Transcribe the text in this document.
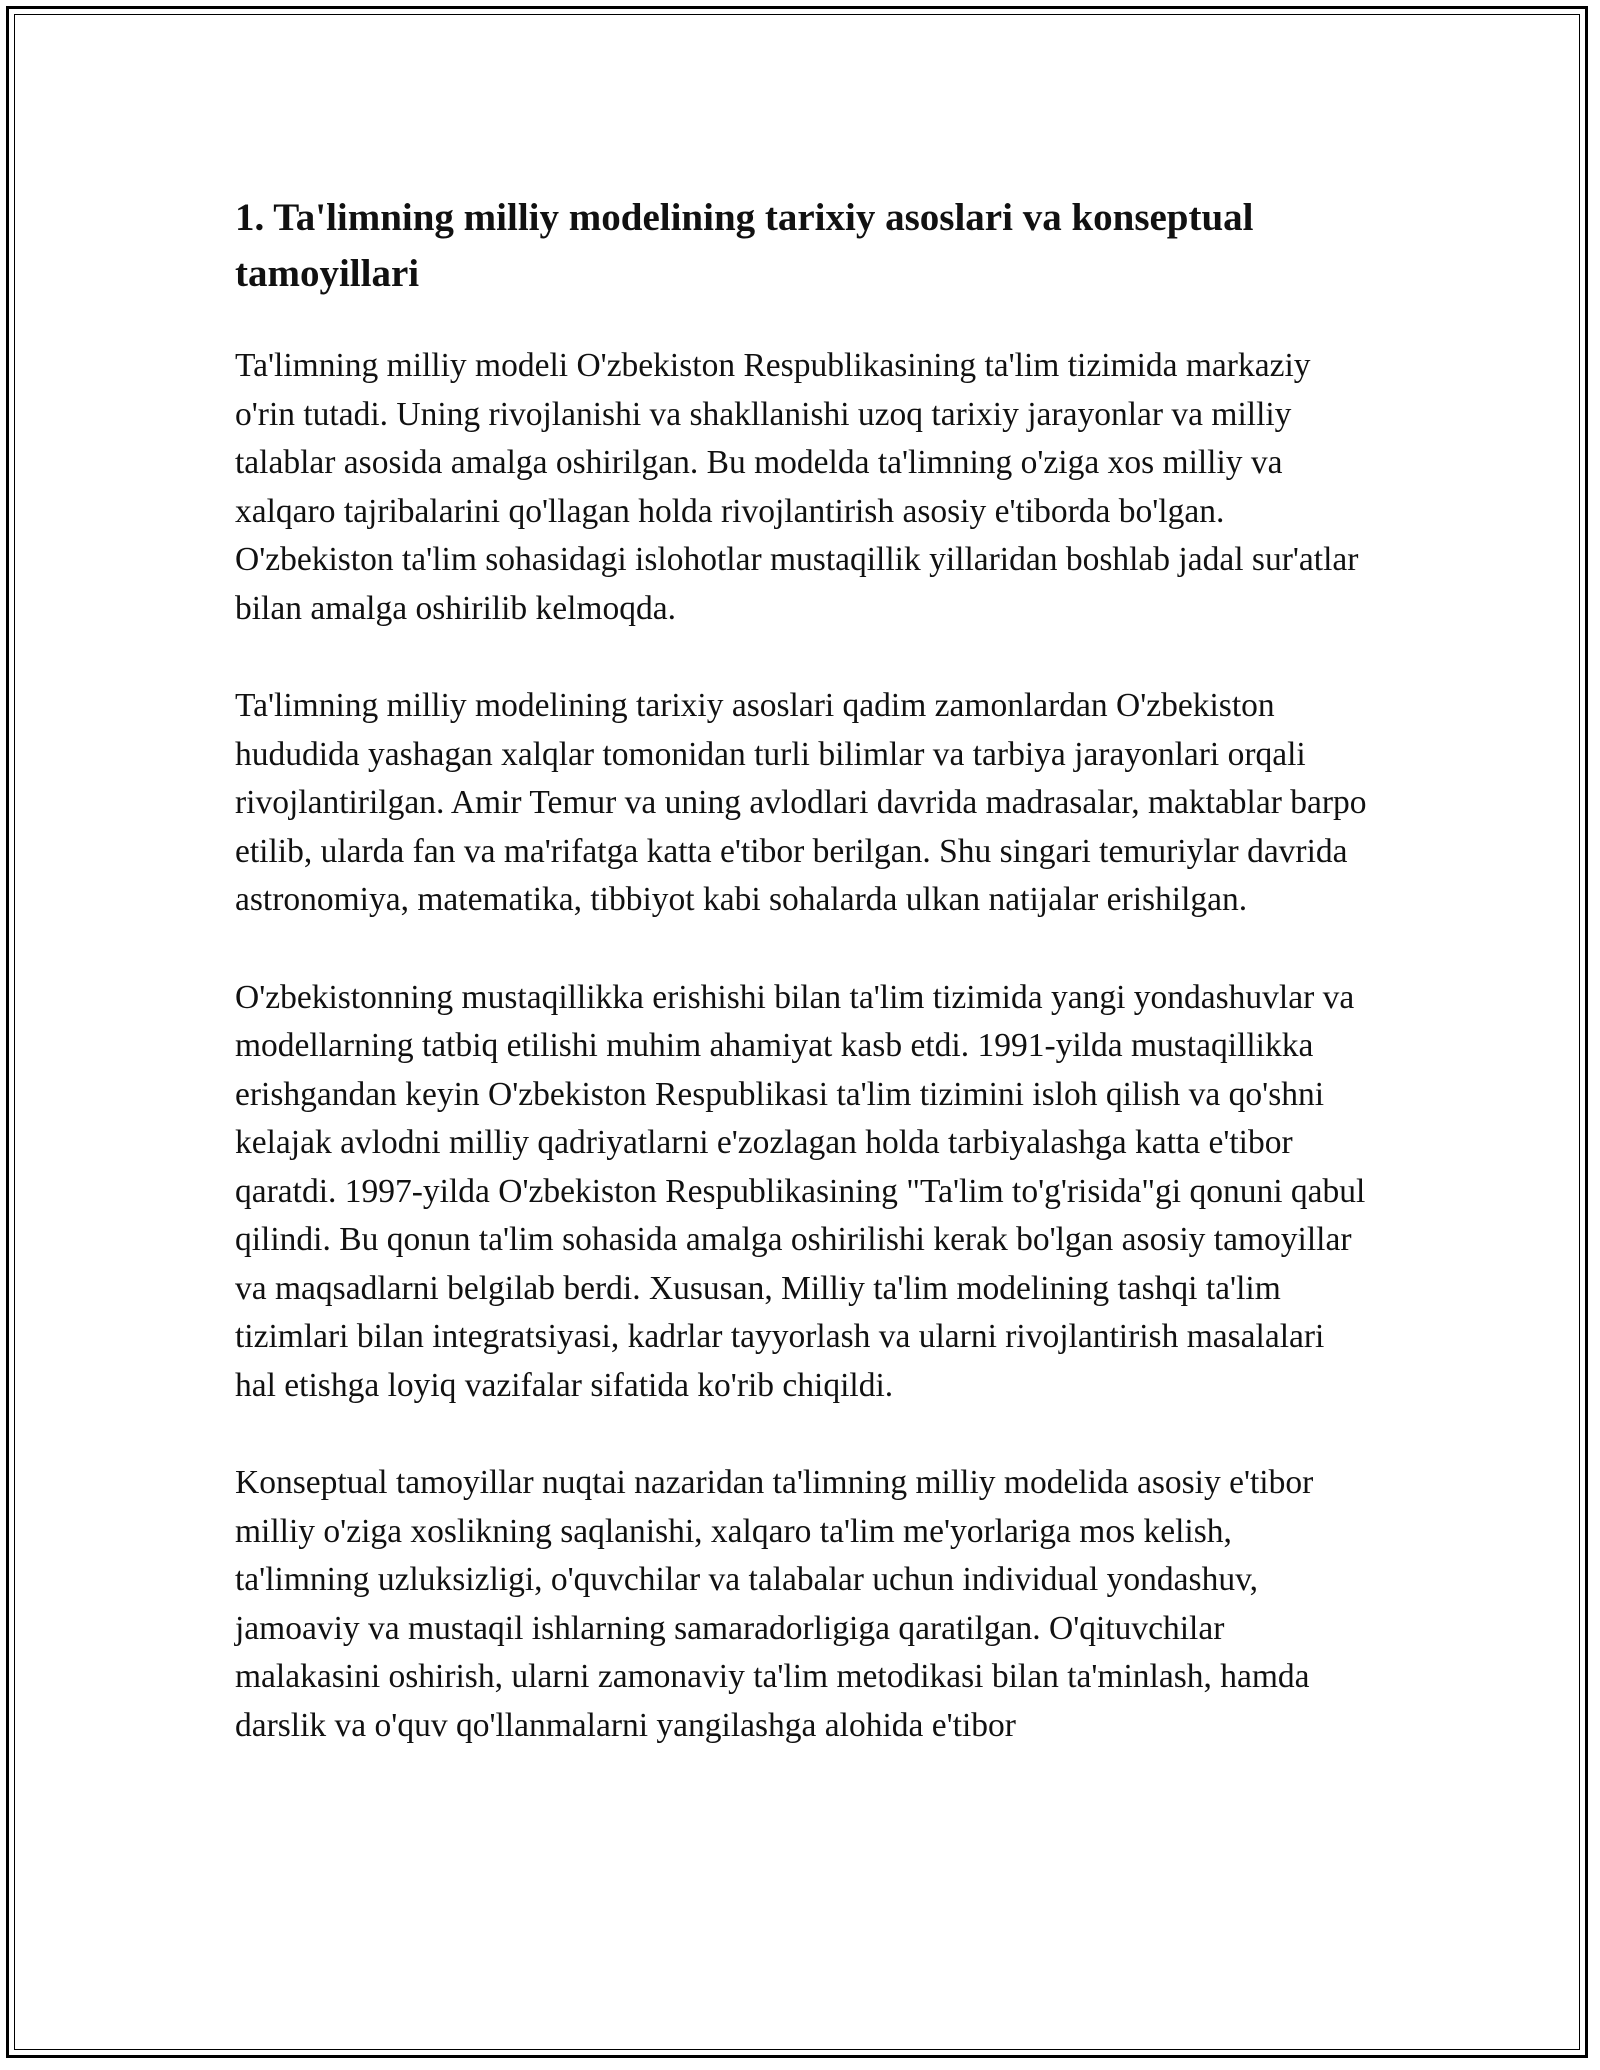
1. Ta'limning milliy modelining tarixiy asoslari va konseptual tamoyillari

Ta'limning milliy modeli O'zbekiston Respublikasining ta'lim tizimida markaziy o'rin tutadi. Uning rivojlanishi va shakllanishi uzoq tarixiy jarayonlar va milliy talablar asosida amalga oshirilgan. Bu modelda ta'limning o'ziga xos milliy va xalqaro tajribalarini qo'llagan holda rivojlantirish asosiy e'tiborda bo'lgan. O'zbekiston ta'lim sohasidagi islohotlar mustaqillik yillaridan boshlab jadal sur'atlar bilan amalga oshirilib kelmoqda.

Ta'limning milliy modelining tarixiy asoslari qadim zamonlardan O'zbekiston hududida yashagan xalqlar tomonidan turli bilimlar va tarbiya jarayonlari orqali rivojlantirilgan. Amir Temur va uning avlodlari davrida madrasalar, maktablar barpo etilib, ularda fan va ma'rifatga katta e'tibor berilgan. Shu singari temuriylar davrida astronomiya, matematika, tibbiyot kabi sohalarda ulkan natijalar erishilgan.

O'zbekistonning mustaqillikka erishishi bilan ta'lim tizimida yangi yondashuvlar va modellarning tatbiq etilishi muhim ahamiyat kasb etdi. 1991-yilda mustaqillikka erishgandan keyin O'zbekiston Respublikasi ta'lim tizimini isloh qilish va qo'shni kelajak avlodni milliy qadriyatlarni e'zozlagan holda tarbiyalashga katta e'tibor qaratdi. 1997-yilda O'zbekiston Respublikasining "Ta'lim to'g'risida"gi qonuni qabul qilindi. Bu qonun ta'lim sohasida amalga oshirilishi kerak bo'lgan asosiy tamoyillar va maqsadlarni belgilab berdi. Xususan, Milliy ta'lim modelining tashqi ta'lim tizimlari bilan integratsiyasi, kadrlar tayyorlash va ularni rivojlantirish masalalari hal etishga loyiq vazifalar sifatida ko'rib chiqildi.

Konseptual tamoyillar nuqtai nazaridan ta'limning milliy modelida asosiy e'tibor milliy o'ziga xoslikning saqlanishi, xalqaro ta'lim me'yorlariga mos kelish, ta'limning uzluksizligi, o'quvchilar va talabalar uchun individual yondashuv, jamoaviy va mustaqil ishlarning samaradorligiga qaratilgan. O'qituvchilar malakasini oshirish, ularni zamonaviy ta'lim metodikasi bilan ta'minlash, hamda darslik va o'quv qo'llanmalarni yangilashga alohida e'tibor
